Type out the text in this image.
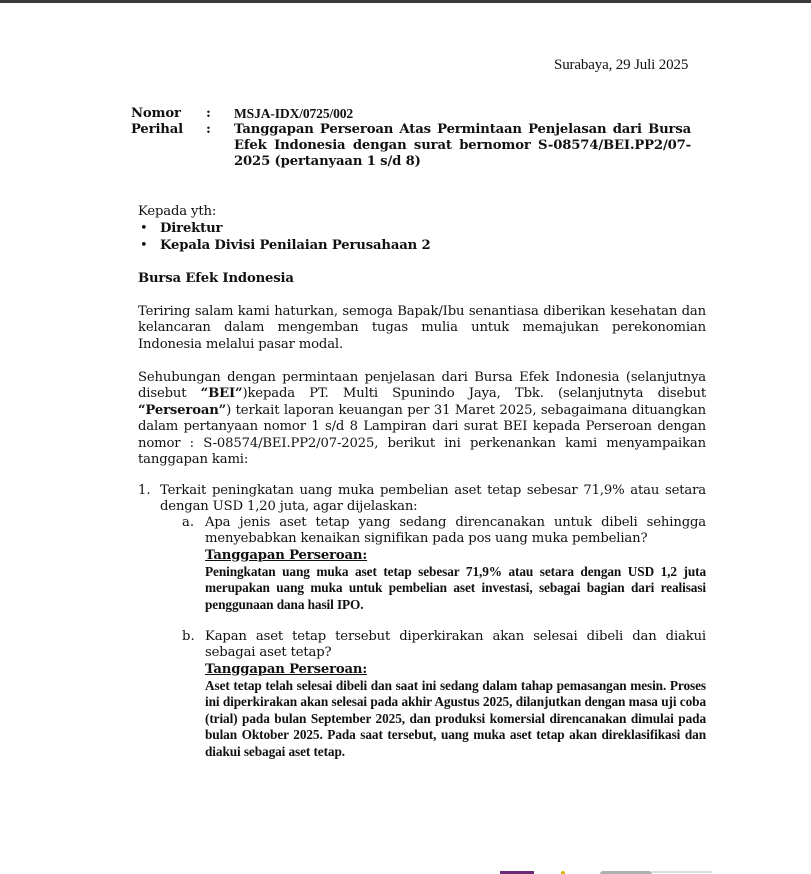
Surabaya, 29 Juli 2025
Nomor : MSJA-IDX/0725/002
Perihal : Tanggapan Perseroan Atas Permintaan Penjelasan dari Bursa
Efek Indonesia dengan surat bernomor S-08574/BEI.PP2/07-
2025 (pertanyaan 1 s/d 8)
Kepada yth:
• Direktur
• Kepala Divisi Penilaian Perusahaan 2
Bursa Efek Indonesia
Teriring salam kami haturkan, semoga Bapak/Ibu senantiasa diberikan kesehatan dan kelancaran dalam mengemban tugas mulia untuk memajukan perekonomian Indonesia melalui pasar modal.
Sehubungan dengan permintaan penjelasan dari Bursa Efek Indonesia (selanjutnya disebut “BEI”)kepada PT. Multi Spunindo Jaya, Tbk. (selanjutnyta disebut “Perseroan”) terkait laporan keuangan per 31 Maret 2025, sebagaimana dituangkan dalam pertanyaan nomor 1 s/d 8 Lampiran dari surat BEI kepada Perseroan dengan nomor : S-08574/BEI.PP2/07-2025, berikut ini perkenankan kami menyampaikan tanggapan kami:
1. Terkait peningkatan uang muka pembelian aset tetap sebesar 71,9% atau setara dengan USD 1,20 juta, agar dijelaskan:
a. Apa jenis aset tetap yang sedang direncanakan untuk dibeli sehingga menyebabkan kenaikan signifikan pada pos uang muka pembelian?
Tanggapan Perseroan:
Peningkatan uang muka aset tetap sebesar 71,9% atau setara dengan USD 1,2 juta merupakan uang muka untuk pembelian aset investasi, sebagai bagian dari realisasi penggunaan dana hasil IPO.
b. Kapan aset tetap tersebut diperkirakan akan selesai dibeli dan diakui sebagai aset tetap?
Tanggapan Perseroan:
Aset tetap telah selesai dibeli dan saat ini sedang dalam tahap pemasangan mesin. Proses ini diperkirakan akan selesai pada akhir Agustus 2025, dilanjutkan dengan masa uji coba (trial) pada bulan September 2025, dan produksi komersial direncanakan dimulai pada bulan Oktober 2025. Pada saat tersebut, uang muka aset tetap akan direklasifikasi dan diakui sebagai aset tetap.
